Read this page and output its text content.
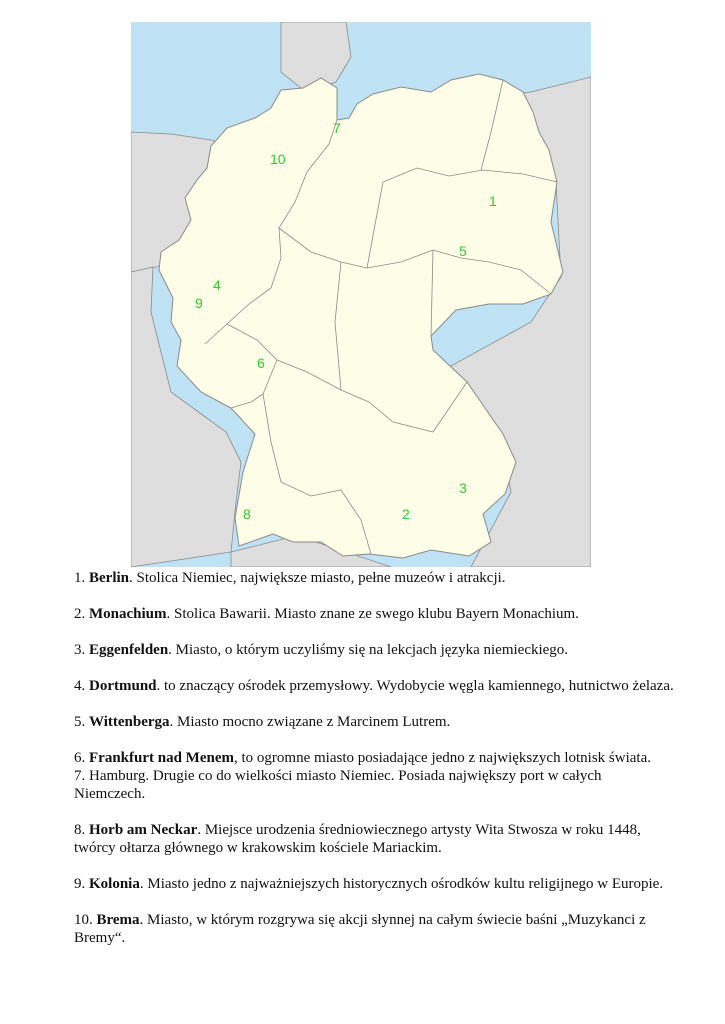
1
2
3
4
5
6
7
8
9
10

1. Berlin. Stolica Niemiec, największe miasto, pełne muzeów i atrakcji.

2. Monachium. Stolica Bawarii. Miasto znane ze swego klubu Bayern Monachium.

3. Eggenfelden. Miasto, o którym uczyliśmy się na lekcjach języka niemieckiego.

4. Dortmund. to znaczący ośrodek przemysłowy. Wydobycie węgla kamiennego, hutnictwo żelaza.

5. Wittenberga. Miasto mocno związane z Marcinem Lutrem.

6. Frankfurt nad Menem, to ogromne miasto posiadające jedno z największych lotnisk świata.

7. Hamburg. Drugie co do wielkości miasto Niemiec. Posiada największy port w całych Niemczech.

8. Horb am Neckar. Miejsce urodzenia średniowiecznego artysty Wita Stwosza w roku 1448, twórcy ołtarza głównego w krakowskim kościele Mariackim.

9. Kolonia. Miasto jedno z najważniejszych historycznych ośrodków kultu religijnego w Europie.

10. Brema. Miasto, w którym rozgrywa się akcji słynnej na całym świecie baśni „Muzykanci z Bremy“.
